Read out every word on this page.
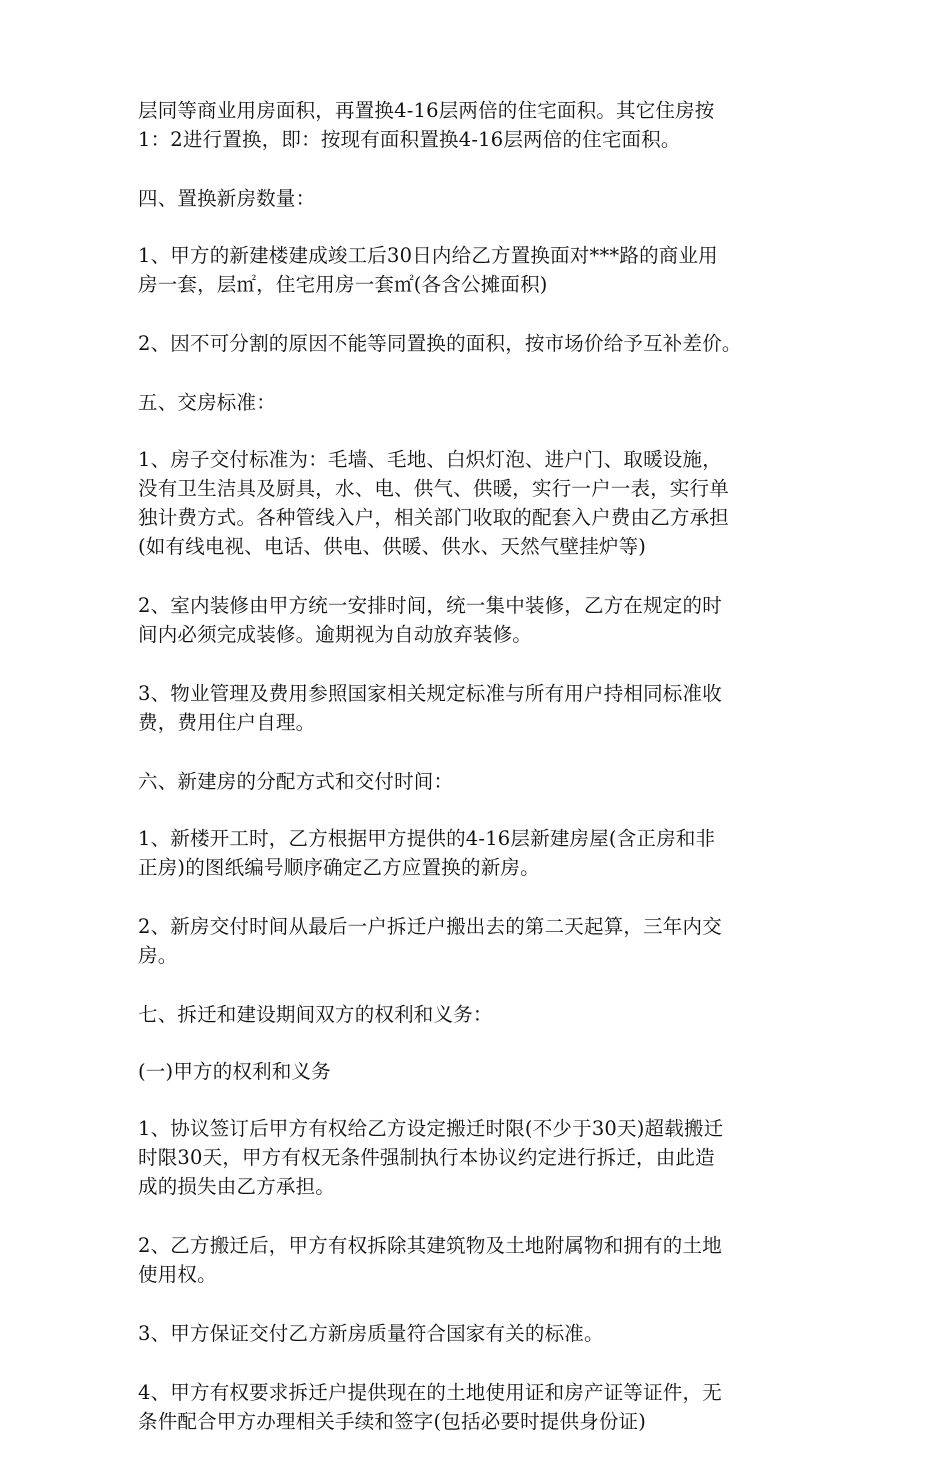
层同等商业用房面积，再置换4-16层两倍的住宅面积。其它住房按
1：2进行置换，即：按现有面积置换4-16层两倍的住宅面积。
四、置换新房数量：
1、甲方的新建楼建成竣工后30日内给乙方置换面对***路的商业用
房一套，层㎡，住宅用房一套㎡(各含公摊面积)
2、因不可分割的原因不能等同置换的面积，按市场价给予互补差价。
五、交房标准：
1、房子交付标准为：毛墙、毛地、白炽灯泡、进户门、取暖设施，
没有卫生洁具及厨具，水、电、供气、供暖，实行一户一表，实行单
独计费方式。各种管线入户，相关部门收取的配套入户费由乙方承担
(如有线电视、电话、供电、供暖、供水、天然气壁挂炉等)
2、室内装修由甲方统一安排时间，统一集中装修，乙方在规定的时
间内必须完成装修。逾期视为自动放弃装修。
3、物业管理及费用参照国家相关规定标准与所有用户持相同标准收
费，费用住户自理。
六、新建房的分配方式和交付时间：
1、新楼开工时，乙方根据甲方提供的4-16层新建房屋(含正房和非
正房)的图纸编号顺序确定乙方应置换的新房。
2、新房交付时间从最后一户拆迁户搬出去的第二天起算，三年内交
房。
七、拆迁和建设期间双方的权利和义务：
(一)甲方的权利和义务
1、协议签订后甲方有权给乙方设定搬迁时限(不少于30天)超载搬迁
时限30天，甲方有权无条件强制执行本协议约定进行拆迁，由此造
成的损失由乙方承担。
2、乙方搬迁后，甲方有权拆除其建筑物及土地附属物和拥有的土地
使用权。
3、甲方保证交付乙方新房质量符合国家有关的标准。
4、甲方有权要求拆迁户提供现在的土地使用证和房产证等证件，无
条件配合甲方办理相关手续和签字(包括必要时提供身份证)
